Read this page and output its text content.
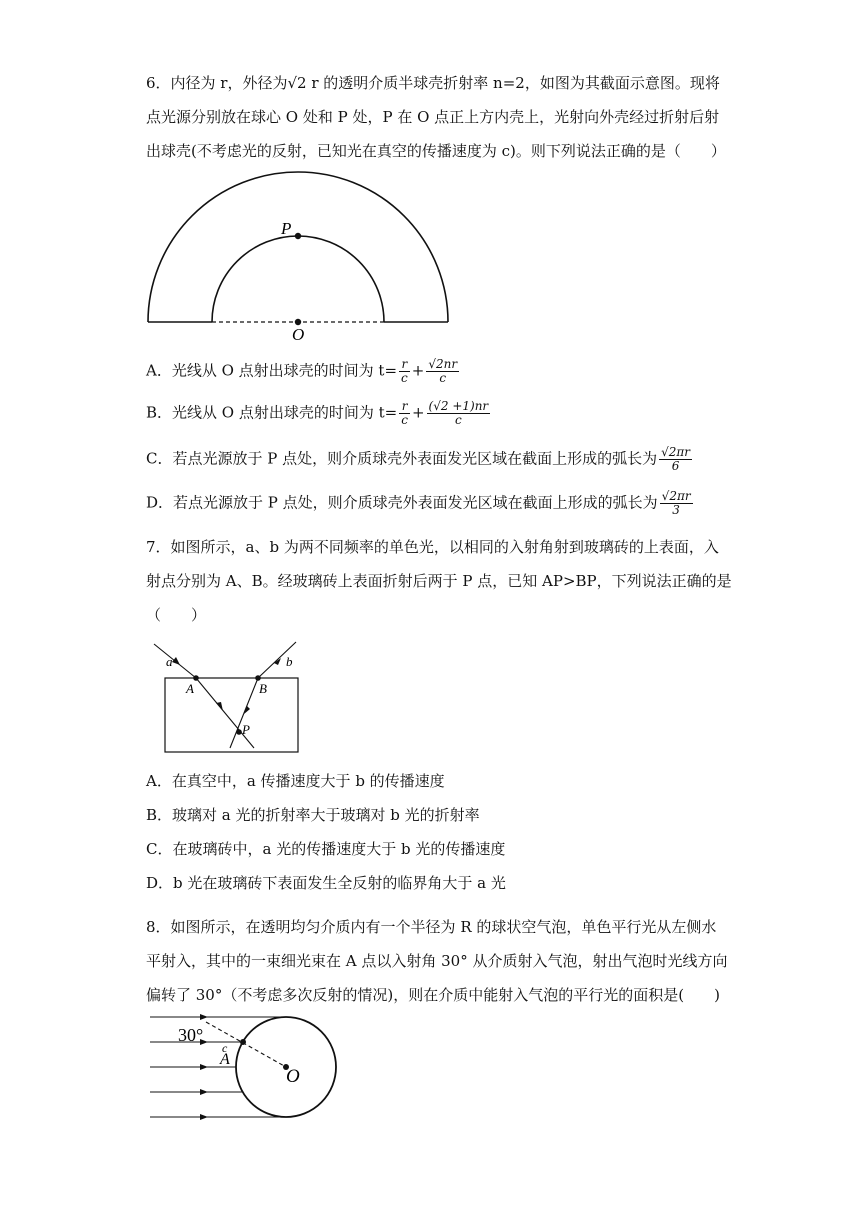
6．内径为 r，外径为√2 r 的透明介质半球壳折射率 n=2，如图为其截面示意图。现将
点光源分别放在球心 O 处和 P 处，P 在 O 点正上方内壳上，光射向外壳经过折射后射
出球壳(不考虑光的反射，已知光在真空的传播速度为 c)。则下列说法正确的是（　　）
P
O
A．光线从 O 点射出球壳的时间为 $t= \frac{r}{c} + \frac{√2nr}{c}$
B．光线从 O 点射出球壳的时间为 $t= \frac{r}{c} + \frac{(√2 +1)nr}{c}$
C．若点光源放于 P 点处，则介质球壳外表面发光区域在截面上形成的弧长为 $\frac{√2\pi r}{6}$
D．若点光源放于 P 点处，则介质球壳外表面发光区域在截面上形成的弧长为 $\frac{√2\pi r}{3}$
7．如图所示，a、b 为两不同频率的单色光，以相同的入射角射到玻璃砖的上表面，入
射点分别为 A、B。经玻璃砖上表面折射后两于 P 点，已知 AP>BP，下列说法正确的是
（　　）
a	b
A	B
P
A．在真空中，a 传播速度大于 b 的传播速度
B．玻璃对 a 光的折射率大于玻璃对 b 光的折射率
C．在玻璃砖中，a 光的传播速度大于 b 光的传播速度
D．b 光在玻璃砖下表面发生全反射的临界角大于 a 光
8．如图所示，在透明均匀介质内有一个半径为 R 的球状空气泡，单色平行光从左侧水
平射入，其中的一束细光束在 A 点以入射角 30° 从介质射入气泡，射出气泡时光线方向
偏转了 30°（不考虑多次反射的情况)，则在介质中能射入气泡的平行光的面积是(　　)
30°
c
A
O
